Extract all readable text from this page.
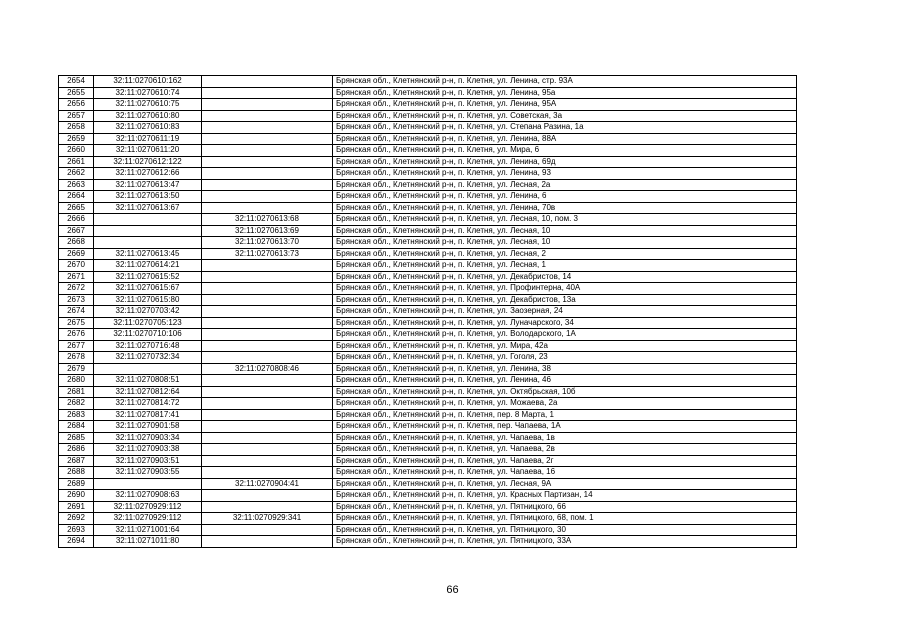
2654	32:11:0270610:162		Брянская обл., Клетнянский р-н, п. Клетня, ул. Ленина, стр. 93А
2655	32:11:0270610:74		Брянская обл., Клетнянский р-н, п. Клетня, ул. Ленина, 95а
2656	32:11:0270610:75		Брянская обл., Клетнянский р-н, п. Клетня, ул. Ленина, 95А
2657	32:11:0270610:80		Брянская обл., Клетнянский р-н, п. Клетня, ул. Советская, 3а
2658	32:11:0270610:83		Брянская обл., Клетнянский р-н, п. Клетня, ул. Степана Разина, 1а
2659	32:11:0270611:19		Брянская обл., Клетнянский р-н, п. Клетня, ул. Ленина, 88А
2660	32:11:0270611:20		Брянская обл., Клетнянский р-н, п. Клетня, ул. Мира, 6
2661	32:11:0270612:122		Брянская обл., Клетнянский р-н, п. Клетня, ул. Ленина, 69д
2662	32:11:0270612:66		Брянская обл., Клетнянский р-н, п. Клетня, ул. Ленина, 93
2663	32:11:0270613:47		Брянская обл., Клетнянский р-н, п. Клетня, ул. Лесная, 2а
2664	32:11:0270613:50		Брянская обл., Клетнянский р-н, п. Клетня, ул. Ленина, 6
2665	32:11:0270613:67		Брянская обл., Клетнянский р-н, п. Клетня, ул. Ленина, 70в
2666		32:11:0270613:68	Брянская обл., Клетнянский р-н, п. Клетня, ул. Лесная, 10, пом. 3
2667		32:11:0270613:69	Брянская обл., Клетнянский р-н, п. Клетня, ул. Лесная, 10
2668		32:11:0270613:70	Брянская обл., Клетнянский р-н, п. Клетня, ул. Лесная, 10
2669	32:11:0270613:45	32:11:0270613:73	Брянская обл., Клетнянский р-н, п. Клетня, ул. Лесная, 2
2670	32:11:0270614:21		Брянская обл., Клетнянский р-н, п. Клетня, ул. Лесная, 1
2671	32:11:0270615:52		Брянская обл., Клетнянский р-н, п. Клетня, ул. Декабристов, 14
2672	32:11:0270615:67		Брянская обл., Клетнянский р-н, п. Клетня, ул. Профинтерна, 40А
2673	32:11:0270615:80		Брянская обл., Клетнянский р-н, п. Клетня, ул. Декабристов, 13а
2674	32:11:0270703:42		Брянская обл., Клетнянский р-н, п. Клетня, ул. Заозерная, 24
2675	32:11:0270705:123		Брянская обл., Клетнянский р-н, п. Клетня, ул. Луначарского, 34
2676	32:11:0270710:106		Брянская обл., Клетнянский р-н, п. Клетня, ул. Володарского, 1А
2677	32:11:0270716:48		Брянская обл., Клетнянский р-н, п. Клетня, ул. Мира, 42а
2678	32:11:0270732:34		Брянская обл., Клетнянский р-н, п. Клетня, ул. Гоголя, 23
2679		32:11:0270808:46	Брянская обл., Клетнянский р-н, п. Клетня, ул. Ленина, 38
2680	32:11:0270808:51		Брянская обл., Клетнянский р-н, п. Клетня, ул. Ленина, 46
2681	32:11:0270812:64		Брянская обл., Клетнянский р-н, п. Клетня, ул. Октябрьская, 10б
2682	32:11:0270814:72		Брянская обл., Клетнянский р-н, п. Клетня, ул. Можаева, 2а
2683	32:11:0270817:41		Брянская обл., Клетнянский р-н, п. Клетня, пер. 8 Марта, 1
2684	32:11:0270901:58		Брянская обл., Клетнянский р-н, п. Клетня, пер. Чапаева, 1А
2685	32:11:0270903:34		Брянская обл., Клетнянский р-н, п. Клетня, ул. Чапаева, 1в
2686	32:11:0270903:38		Брянская обл., Клетнянский р-н, п. Клетня, ул. Чапаева, 2в
2687	32:11:0270903:51		Брянская обл., Клетнянский р-н, п. Клетня, ул. Чапаева, 2г
2688	32:11:0270903:55		Брянская обл., Клетнянский р-н, п. Клетня, ул. Чапаева, 16
2689		32:11:0270904:41	Брянская обл., Клетнянский р-н, п. Клетня, ул. Лесная, 9А
2690	32:11:0270908:63		Брянская обл., Клетнянский р-н, п. Клетня, ул. Красных Партизан, 14
2691	32:11:0270929:112		Брянская обл., Клетнянский р-н, п. Клетня, ул. Пятницкого, 66
2692	32:11:0270929:112	32:11:0270929:341	Брянская обл., Клетнянский р-н, п. Клетня, ул. Пятницкого, 68, пом. 1
2693	32:11:0271001:64		Брянская обл., Клетнянский р-н, п. Клетня, ул. Пятницкого, 30
2694	32:11:0271011:80		Брянская обл., Клетнянский р-н, п. Клетня, ул. Пятницкого, 33А
66
